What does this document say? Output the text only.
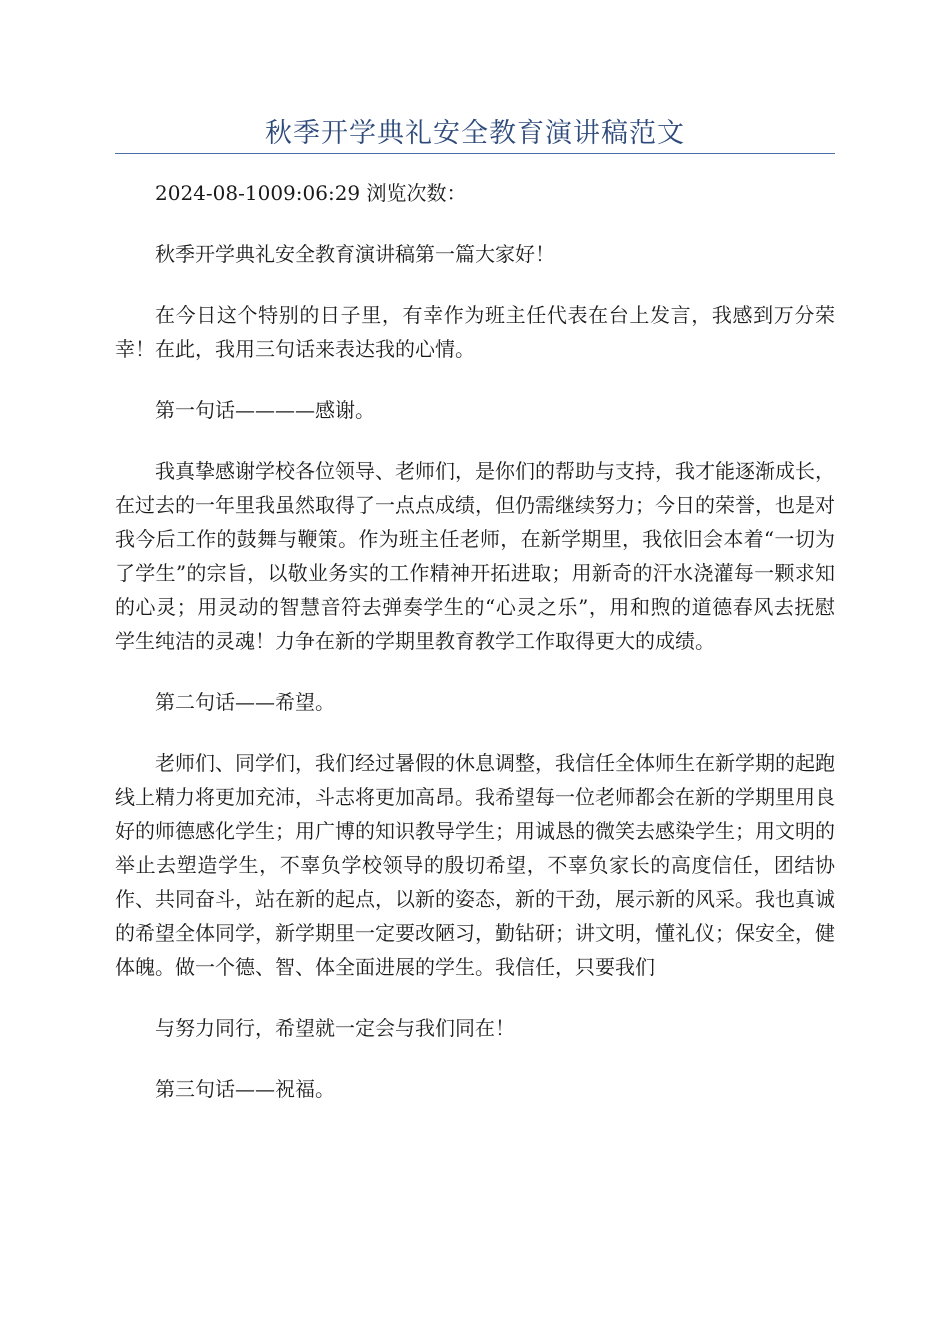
秋季开学典礼安全教育演讲稿范文

2024-08-1009:06:29 浏览次数：

秋季开学典礼安全教育演讲稿第一篇大家好！

在今日这个特别的日子里，有幸作为班主任代表在台上发言，我感到万分荣幸！在此，我用三句话来表达我的心情。

第一句话————感谢。

我真挚感谢学校各位领导、老师们，是你们的帮助与支持，我才能逐渐成长，在过去的一年里我虽然取得了一点点成绩，但仍需继续努力；今日的荣誉，也是对我今后工作的鼓舞与鞭策。作为班主任老师，在新学期里，我依旧会本着“一切为了学生”的宗旨，以敬业务实的工作精神开拓进取；用新奇的汗水浇灌每一颗求知的心灵；用灵动的智慧音符去弹奏学生的“心灵之乐”，用和煦的道德春风去抚慰学生纯洁的灵魂！力争在新的学期里教育教学工作取得更大的成绩。

第二句话——希望。

老师们、同学们，我们经过暑假的休息调整，我信任全体师生在新学期的起跑线上精力将更加充沛，斗志将更加高昂。我希望每一位老师都会在新的学期里用良好的师德感化学生；用广博的知识教导学生；用诚恳的微笑去感染学生；用文明的举止去塑造学生，不辜负学校领导的殷切希望，不辜负家长的高度信任，团结协作、共同奋斗，站在新的起点，以新的姿态，新的干劲，展示新的风采。我也真诚的希望全体同学，新学期里一定要改陋习，勤钻研；讲文明，懂礼仪；保安全，健体魄。做一个德、智、体全面进展的学生。我信任，只要我们

与努力同行，希望就一定会与我们同在！

第三句话——祝福。
